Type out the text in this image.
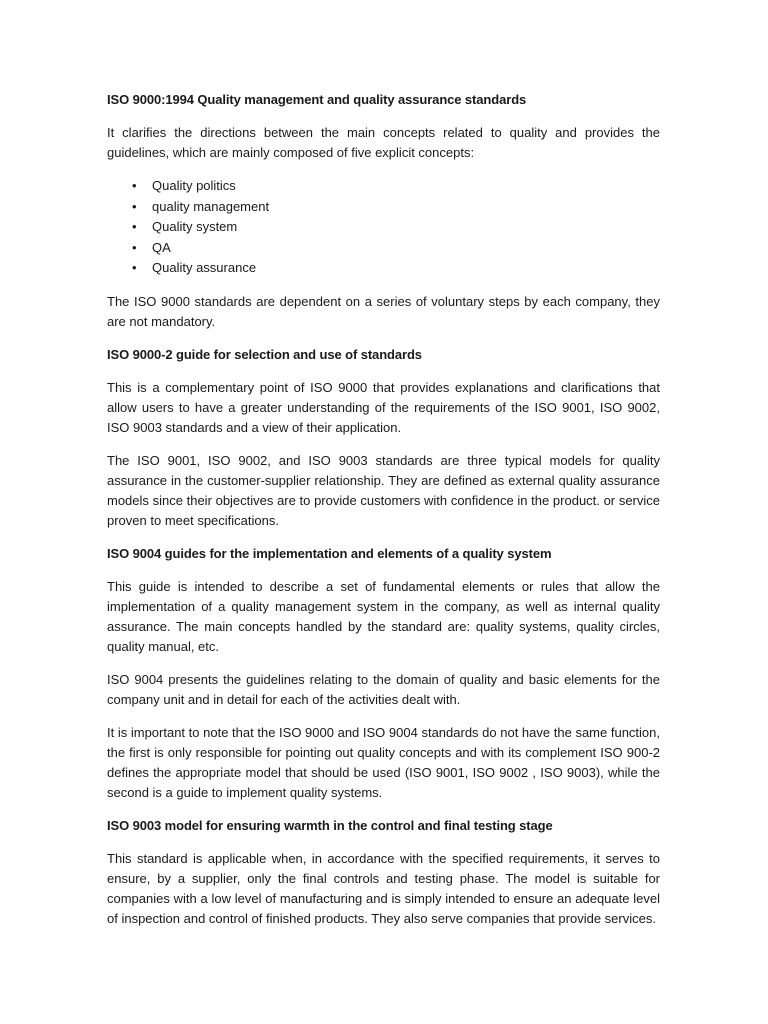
ISO 9000:1994 Quality management and quality assurance standards

It clarifies the directions between the main concepts related to quality and provides the guidelines, which are mainly composed of five explicit concepts:

• Quality politics
• quality management
• Quality system
• QA
• Quality assurance

The ISO 9000 standards are dependent on a series of voluntary steps by each company, they are not mandatory.

ISO 9000-2 guide for selection and use of standards

This is a complementary point of ISO 9000 that provides explanations and clarifications that allow users to have a greater understanding of the requirements of the ISO 9001, ISO 9002, ISO 9003 standards and a view of their application.

The ISO 9001, ISO 9002, and ISO 9003 standards are three typical models for quality assurance in the customer-supplier relationship. They are defined as external quality assurance models since their objectives are to provide customers with confidence in the product. or service proven to meet specifications.

ISO 9004 guides for the implementation and elements of a quality system

This guide is intended to describe a set of fundamental elements or rules that allow the implementation of a quality management system in the company, as well as internal quality assurance. The main concepts handled by the standard are: quality systems, quality circles, quality manual, etc.

ISO 9004 presents the guidelines relating to the domain of quality and basic elements for the company unit and in detail for each of the activities dealt with.

It is important to note that the ISO 9000 and ISO 9004 standards do not have the same function, the first is only responsible for pointing out quality concepts and with its complement ISO 900-2 defines the appropriate model that should be used (ISO 9001, ISO 9002 , ISO 9003), while the second is a guide to implement quality systems.

ISO 9003 model for ensuring warmth in the control and final testing stage

This standard is applicable when, in accordance with the specified requirements, it serves to ensure, by a supplier, only the final controls and testing phase. The model is suitable for companies with a low level of manufacturing and is simply intended to ensure an adequate level of inspection and control of finished products. They also serve companies that provide services.
